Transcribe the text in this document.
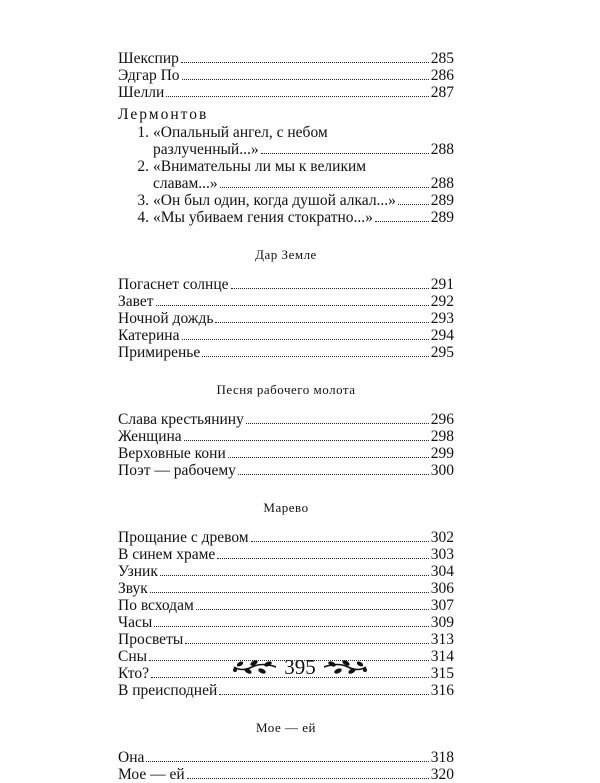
Шекспир	285
Эдгар По	286
Шелли	287
Лермонтов
1. «Опальный ангел, с небом
разлученный...»	288
2. «Внимательны ли мы к великим
славам...»	288
3. «Он был один, когда душой алкал...» 289
4. «Мы убиваем гения стократно...»	289
Дар Земле
Погаснет солнце	291
Завет	292
Ночной дождь	293
Катерина	294
Примиренье	295
Песня рабочего молота
Слава крестьянину	296
Женщина	298
Верховные кони	299
Поэт — рабочему	300
Марево
Прощание с древом	302
В синем храме	303
Узник	304
Звук	306
По всходам	307
Часы	309
Просветы	313
Сны	314
Кто?	315
В преисподней	316
Мое — ей
Она	318
Мое — ей	320
395
